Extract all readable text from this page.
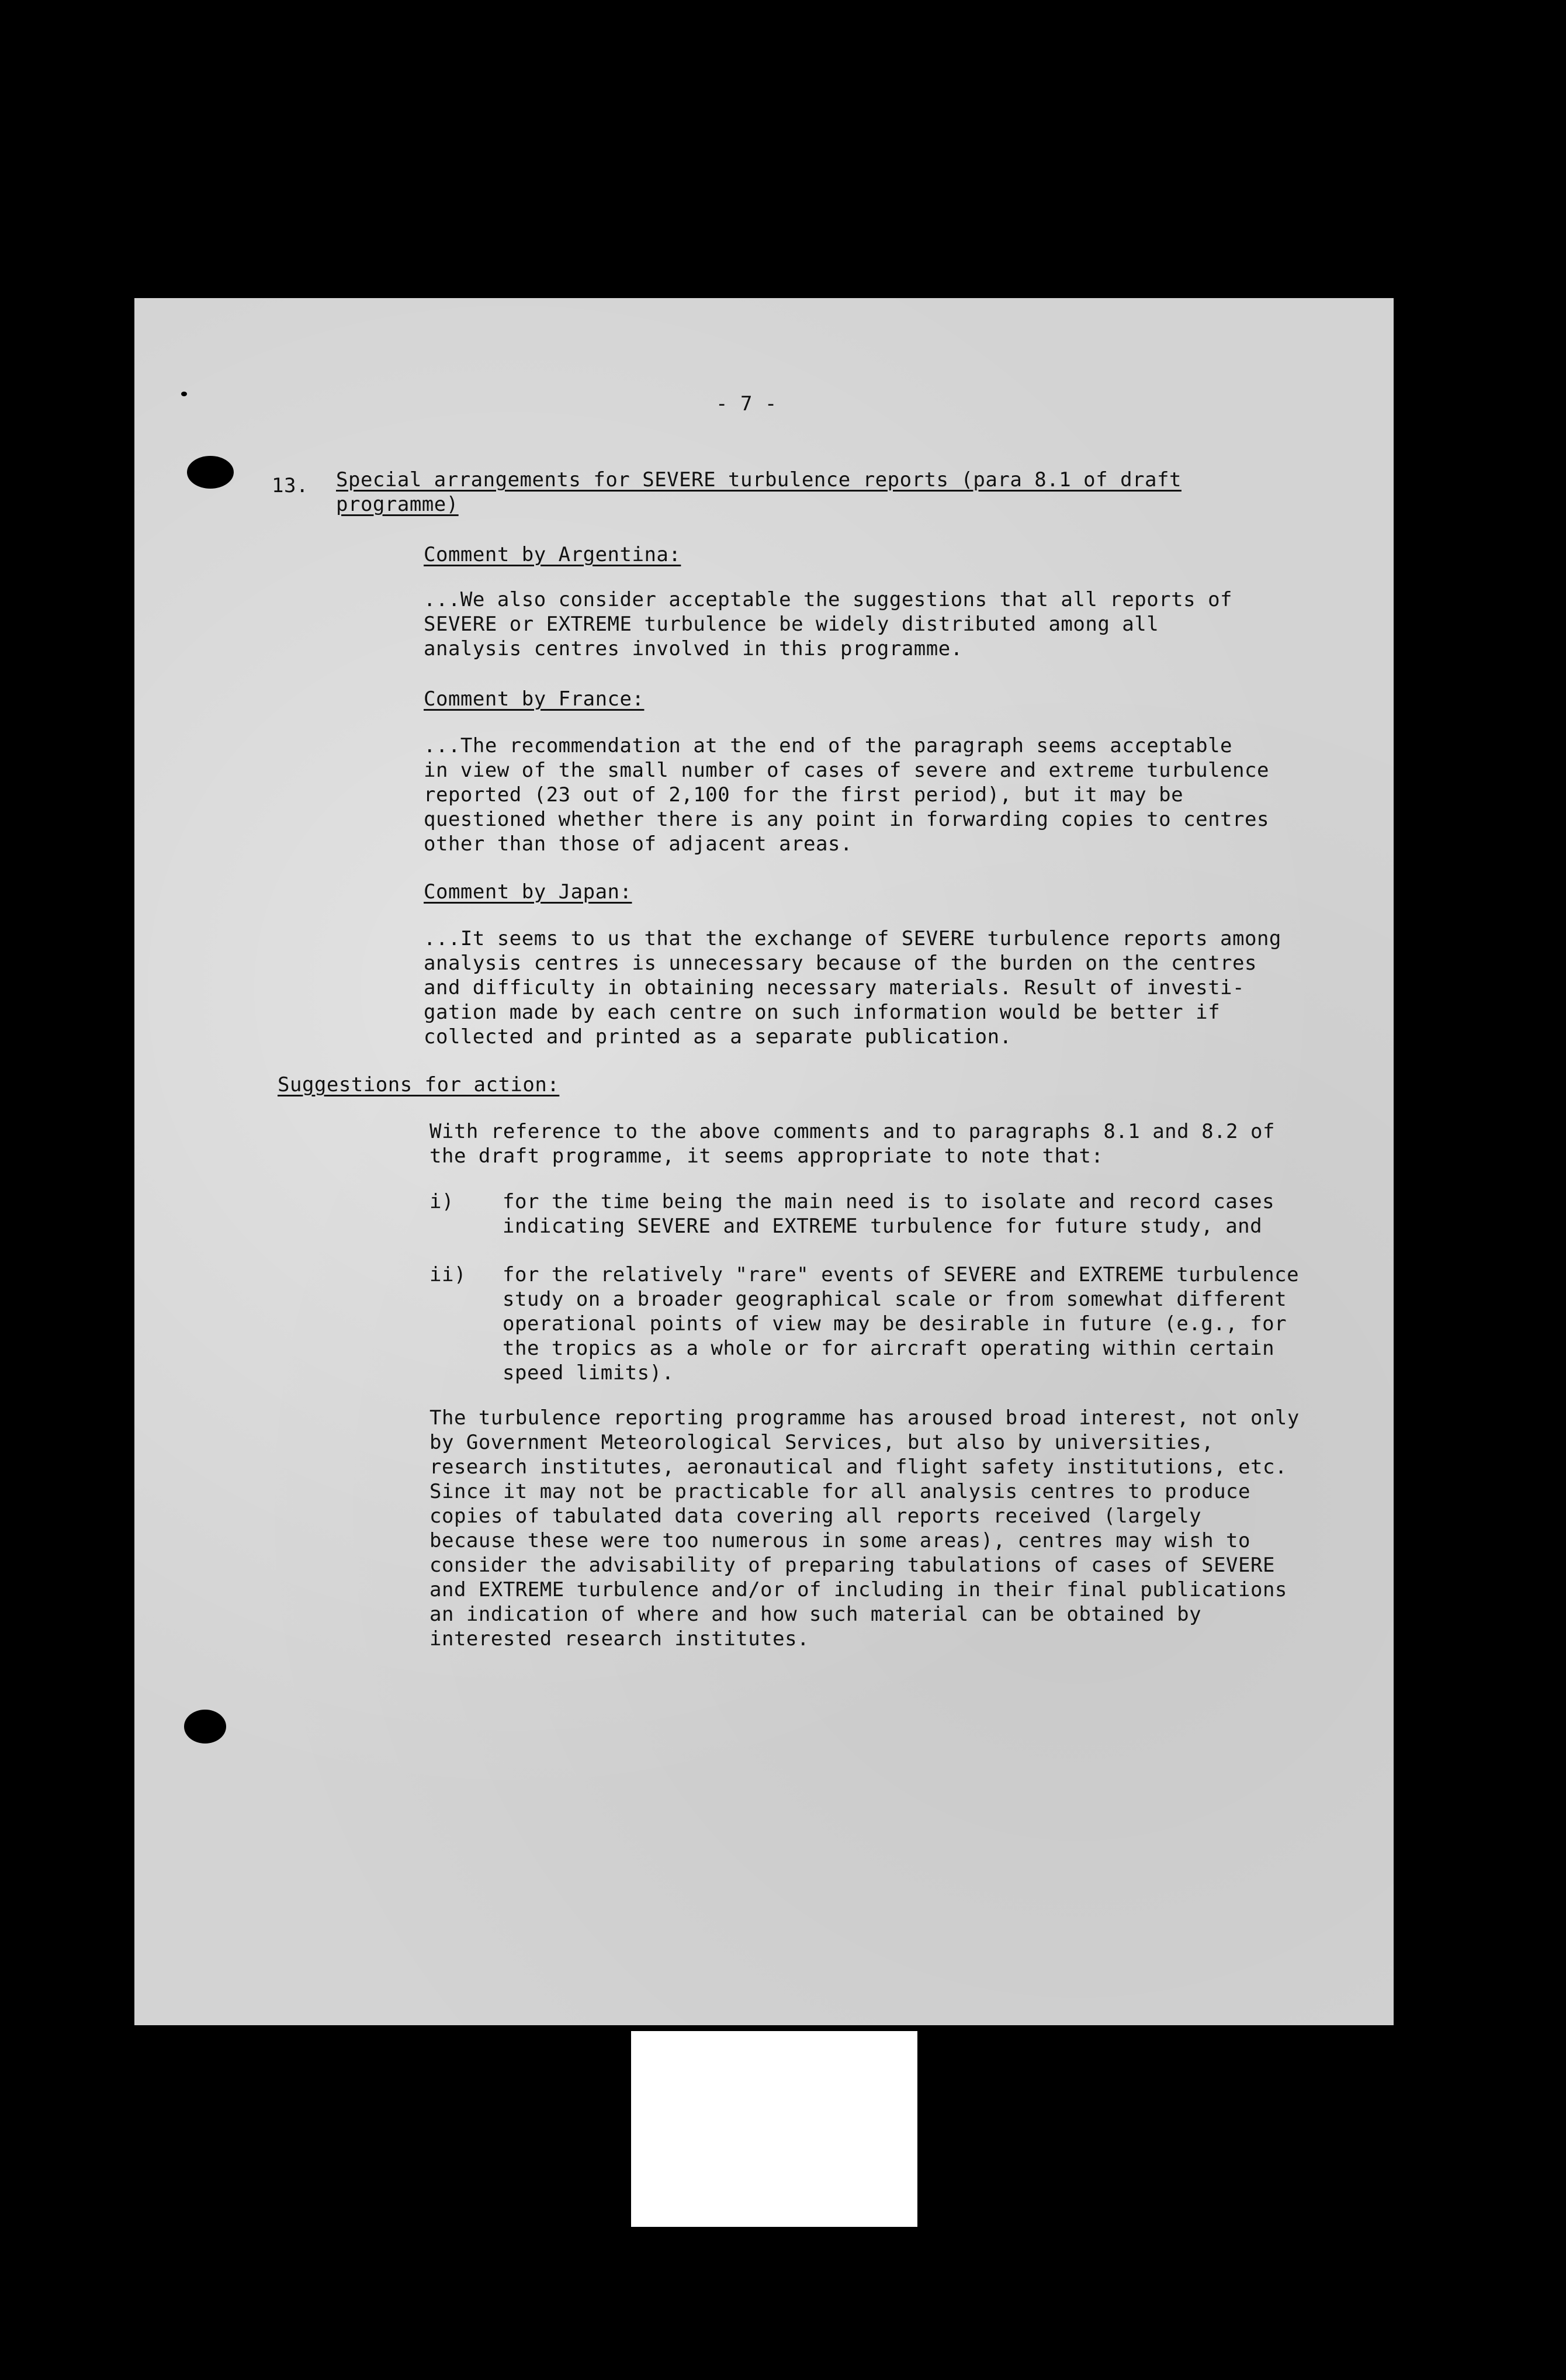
- 7 -
13. Special arrangements for SEVERE turbulence reports (para 8.1 of draft
programme)
Comment by Argentina:

...We also consider acceptable the suggestions that all reports of

SEVERE or EXTREME turbulence be widely distributed among all

analysis centres involved in this programme.

Comment by France:

...The recommendation at the end of the paragraph seems acceptable

in view of the small number of cases of severe and extreme turbulence

reported (23 out of 2,100 for the first period), but it may be

questioned whether there is any point in forwarding copies to centres

other than those of adjacent areas.

Comment by Japan:

...It seems to us that the exchange of SEVERE turbulence reports among

analysis centres is unnecessary because of the burden on the centres

and difficulty in obtaining necessary materials. Result of investi-

gation made by each centre on such information would be better if

collected and printed as a separate publication.

Suggestions for action:

With reference to the above comments and to paragraphs 8.1 and 8.2 of

the draft programme, it seems appropriate to note that:

i) for the time being the main need is to isolate and record cases

indicating SEVERE and EXTREME turbulence for future study, and

ii) for the relatively "rare" events of SEVERE and EXTREME turbulence

study on a broader geographical scale or from somewhat different

operational points of view may be desirable in future (e.g., for

the tropics as a whole or for aircraft operating within certain

speed limits).

The turbulence reporting programme has aroused broad interest, not only

by Government Meteorological Services, but also by universities,

research institutes, aeronautical and flight safety institutions, etc.

Since it may not be practicable for all analysis centres to produce

copies of tabulated data covering all reports received (largely

because these were too numerous in some areas), centres may wish to

consider the advisability of preparing tabulations of cases of SEVERE

and EXTREME turbulence and/or of including in their final publications

an indication of where and how such material can be obtained by

interested research institutes.
